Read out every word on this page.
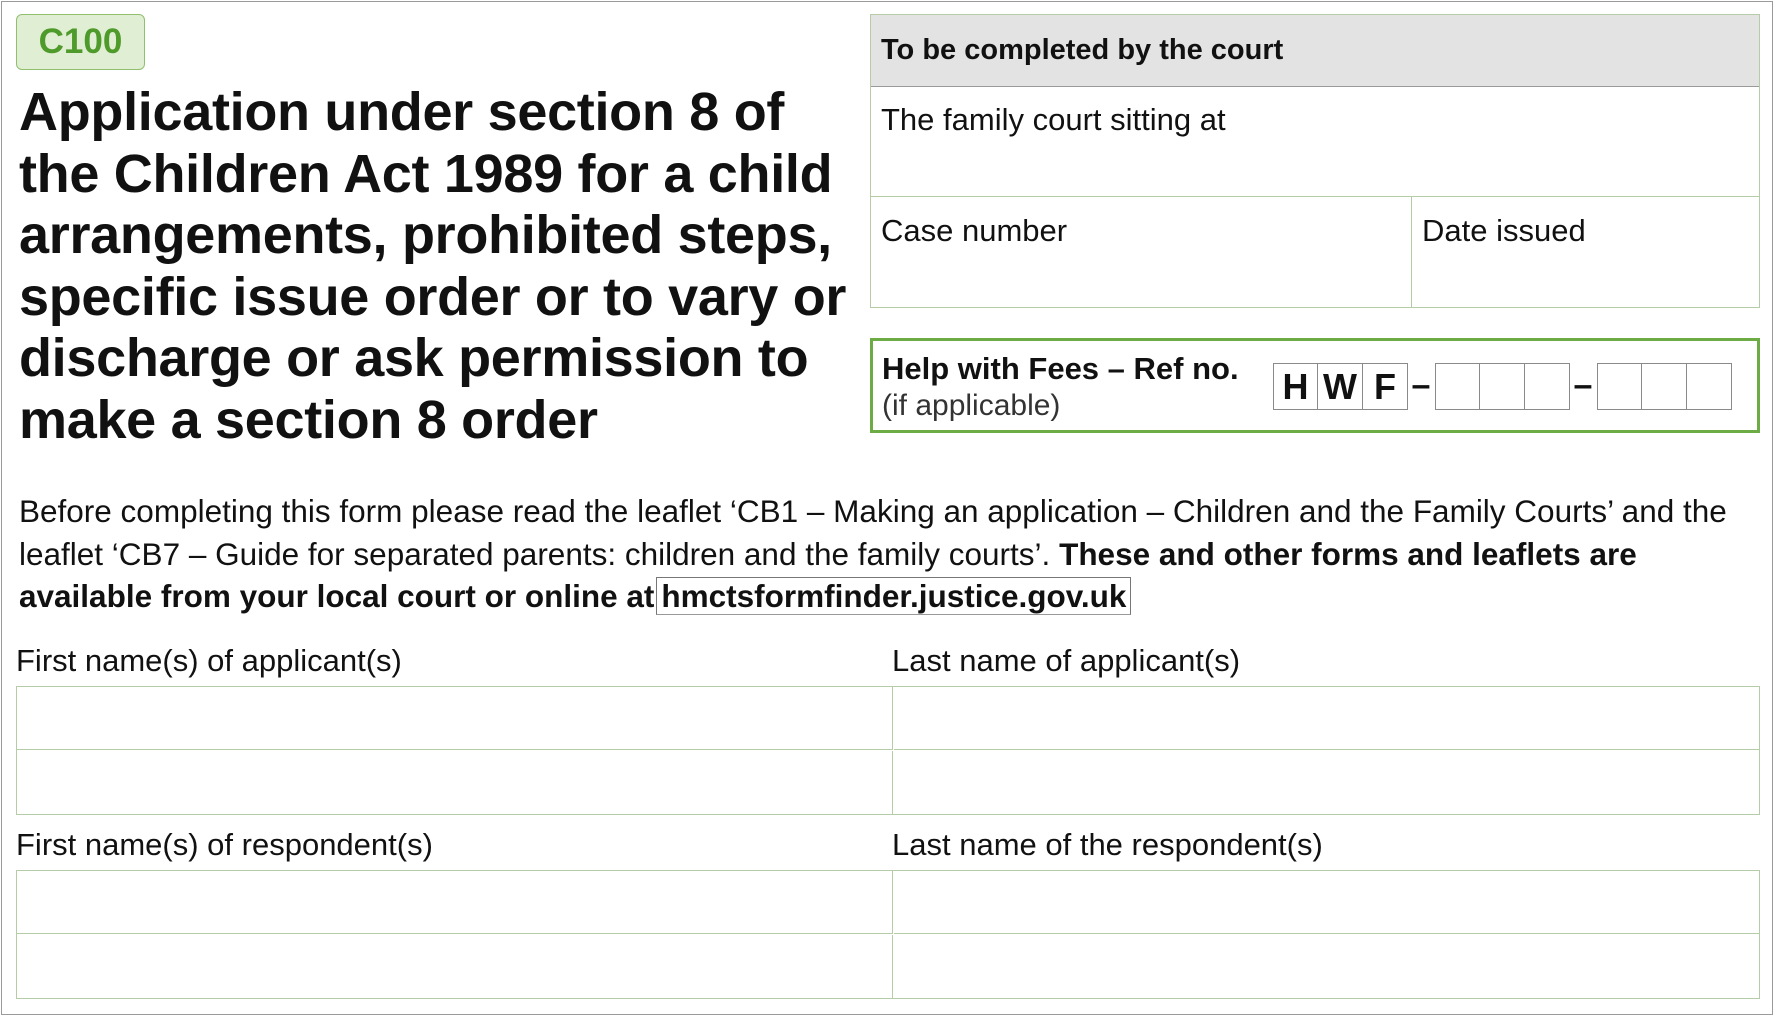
C100
Application under section 8 of the Children Act 1989 for a child arrangements, prohibited steps, specific issue order or to vary or discharge or ask permission to make a section 8 order
To be completed by the court
The family court sitting at
Case number	Date issued
Help with Fees – Ref no.
(if applicable)	H W F –	–

Before completing this form please read the leaflet ‘CB1 – Making an application – Children and the Family Courts’ and the leaflet ‘CB7 – Guide for separated parents: children and the family courts’. These and other forms and leaflets are available from your local court or online at hmctsformfinder.justice.gov.uk

First name(s) of applicant(s)	Last name of applicant(s)
First name(s) of respondent(s)	Last name of the respondent(s)
